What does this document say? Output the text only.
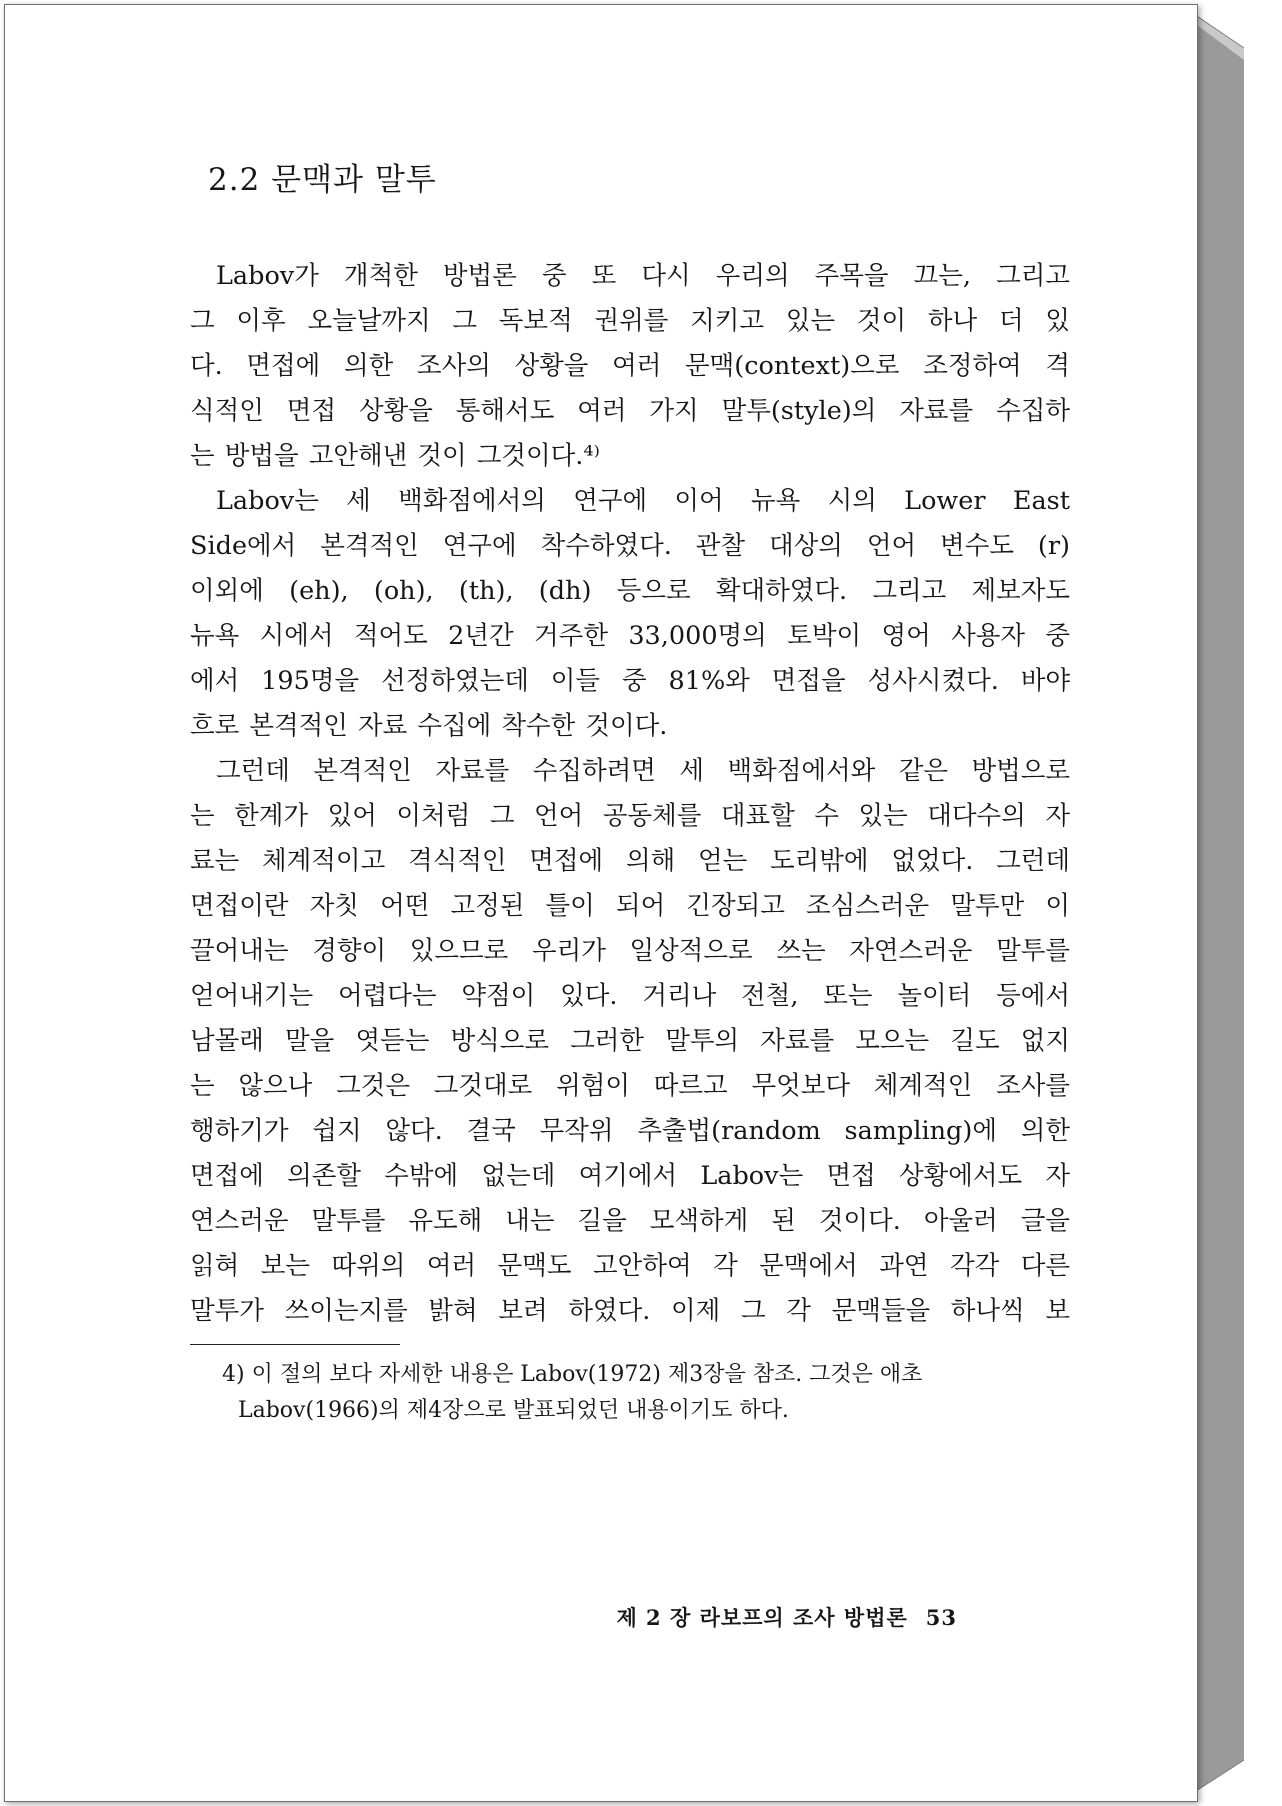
2.2 문맥과 말투

Labov가 개척한 방법론 중 또 다시 우리의 주목을 끄는, 그리고

그 이후 오늘날까지 그 독보적 권위를 지키고 있는 것이 하나 더 있

다. 면접에 의한 조사의 상황을 여러 문맥(context)으로 조정하여 격

식적인 면접 상황을 통해서도 여러 가지 말투(style)의 자료를 수집하

는 방법을 고안해낸 것이 그것이다.⁴⁾

Labov는 세 백화점에서의 연구에 이어 뉴욕 시의 Lower East

Side에서 본격적인 연구에 착수하였다. 관찰 대상의 언어 변수도 (r)

이외에 (eh), (oh), (th), (dh) 등으로 확대하였다. 그리고 제보자도

뉴욕 시에서 적어도 2년간 거주한 33,000명의 토박이 영어 사용자 중

에서 195명을 선정하였는데 이들 중 81%와 면접을 성사시켰다. 바야

흐로 본격적인 자료 수집에 착수한 것이다.

그런데 본격적인 자료를 수집하려면 세 백화점에서와 같은 방법으로

는 한계가 있어 이처럼 그 언어 공동체를 대표할 수 있는 대다수의 자

료는 체계적이고 격식적인 면접에 의해 얻는 도리밖에 없었다. 그런데

면접이란 자칫 어떤 고정된 틀이 되어 긴장되고 조심스러운 말투만 이

끌어내는 경향이 있으므로 우리가 일상적으로 쓰는 자연스러운 말투를

얻어내기는 어렵다는 약점이 있다. 거리나 전철, 또는 놀이터 등에서

남몰래 말을 엿듣는 방식으로 그러한 말투의 자료를 모으는 길도 없지

는 않으나 그것은 그것대로 위험이 따르고 무엇보다 체계적인 조사를

행하기가 쉽지 않다. 결국 무작위 추출법(random sampling)에 의한

면접에 의존할 수밖에 없는데 여기에서 Labov는 면접 상황에서도 자

연스러운 말투를 유도해 내는 길을 모색하게 된 것이다. 아울러 글을

읽혀 보는 따위의 여러 문맥도 고안하여 각 문맥에서 과연 각각 다른

말투가 쓰이는지를 밝혀 보려 하였다. 이제 그 각 문맥들을 하나씩 보

4) 이 절의 보다 자세한 내용은 Labov(1972) 제3장을 참조. 그것은 애초

Labov(1966)의 제4장으로 발표되었던 내용이기도 하다.

제 2 장 라보프의 조사 방법론 53
